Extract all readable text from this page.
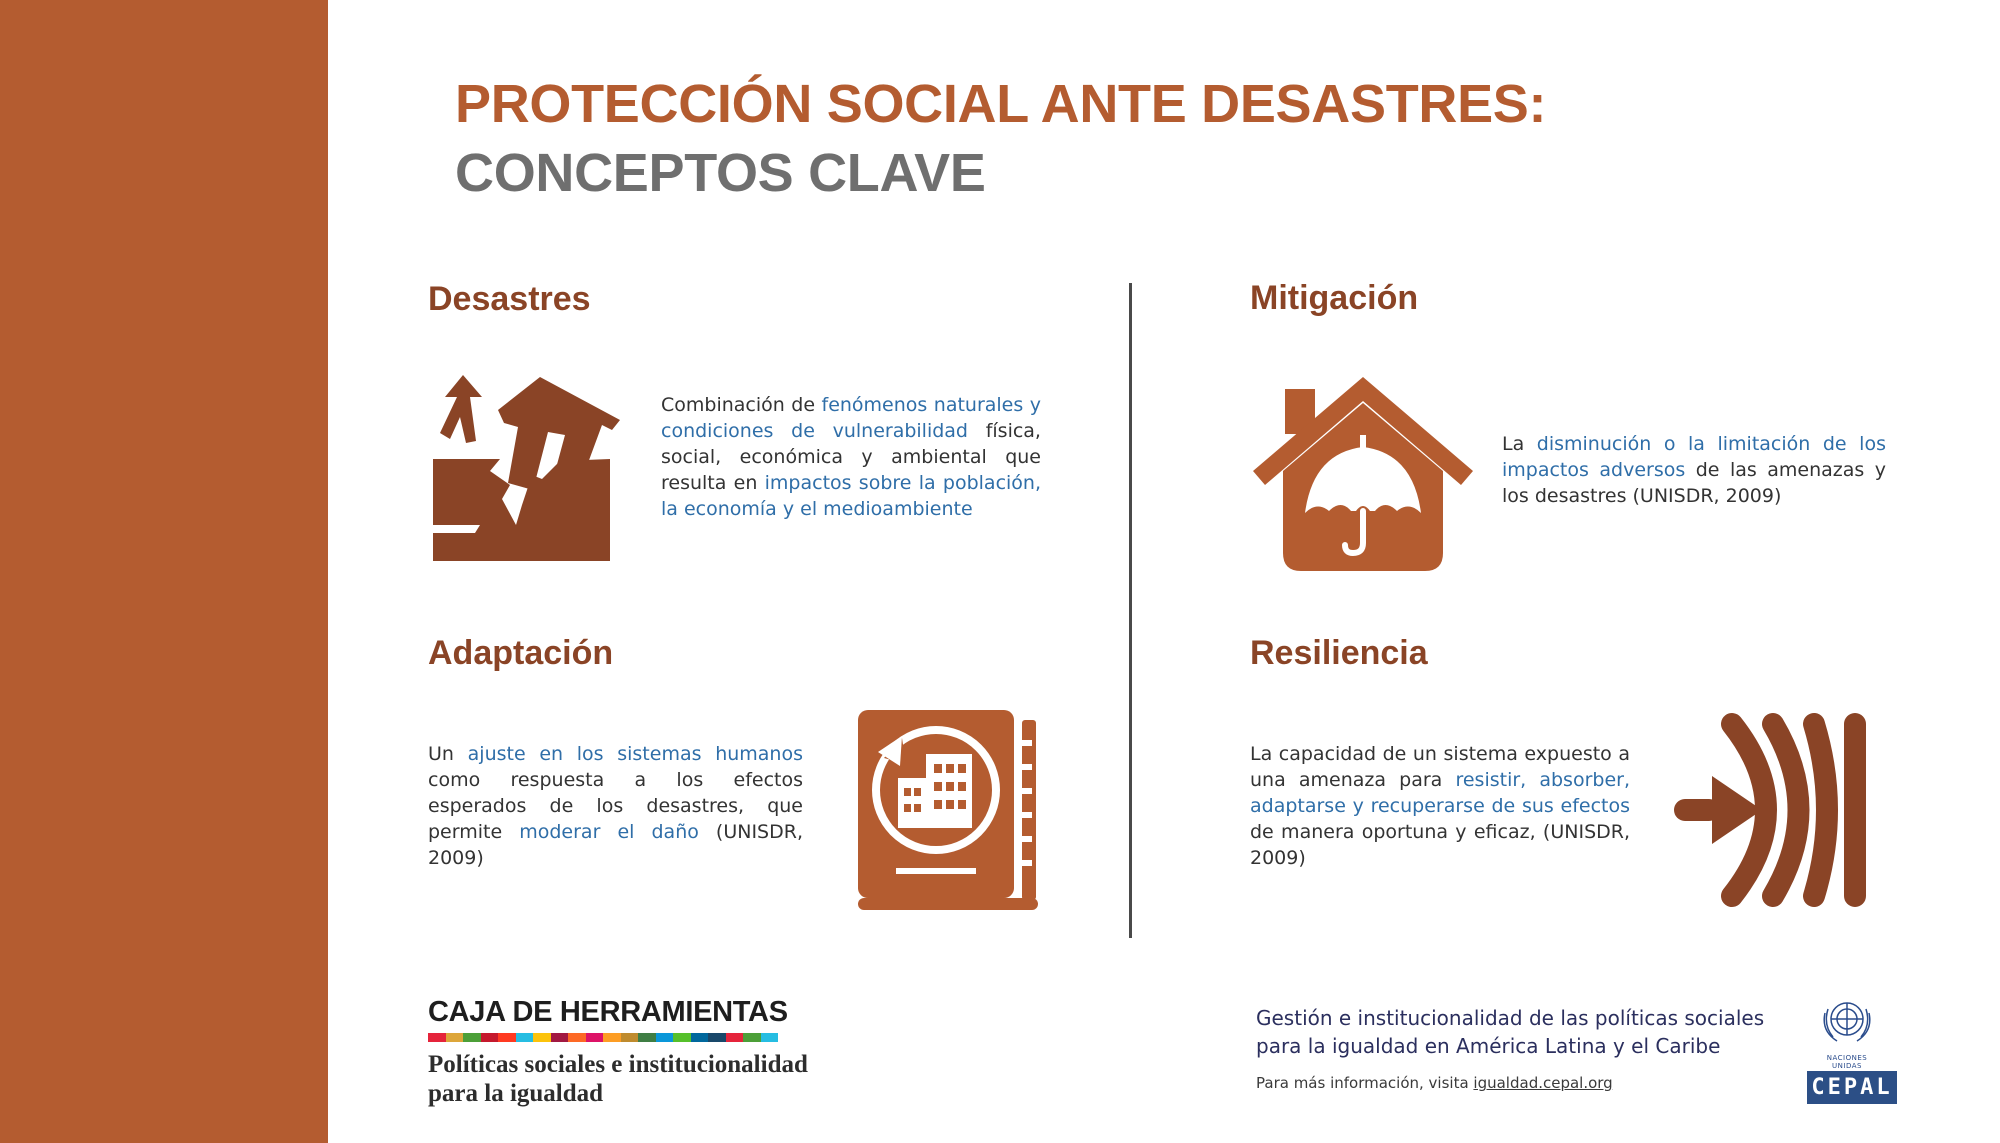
PROTECCIÓN SOCIAL ANTE DESASTRES:
CONCEPTOS CLAVE
Desastres

Combinación de fenómenos naturales y condiciones de vulnerabilidad física, social, económica y ambiental que resulta en impactos sobre la población, la economía y el medioambiente

Mitigación

La disminución o la limitación de los impactos adversos de las amenazas y los desastres (UNISDR, 2009)

Adaptación

Un ajuste en los sistemas humanos como respuesta a los efectos esperados de los desastres, que permite moderar el daño (UNISDR, 2009)

Resiliencia

La capacidad de un sistema expuesto a una amenaza para resistir, absorber, adaptarse y recuperarse de sus efectos de manera oportuna y eficaz, (UNISDR, 2009)

CAJA DE HERRAMIENTAS
Políticas sociales e institucionalidad
para la igualdad
Gestión e institucionalidad de las políticas sociales
para la igualdad en América Latina y el Caribe
Para más información, visita igualdad.cepal.org
NACIONES UNIDAS
CEPAL
